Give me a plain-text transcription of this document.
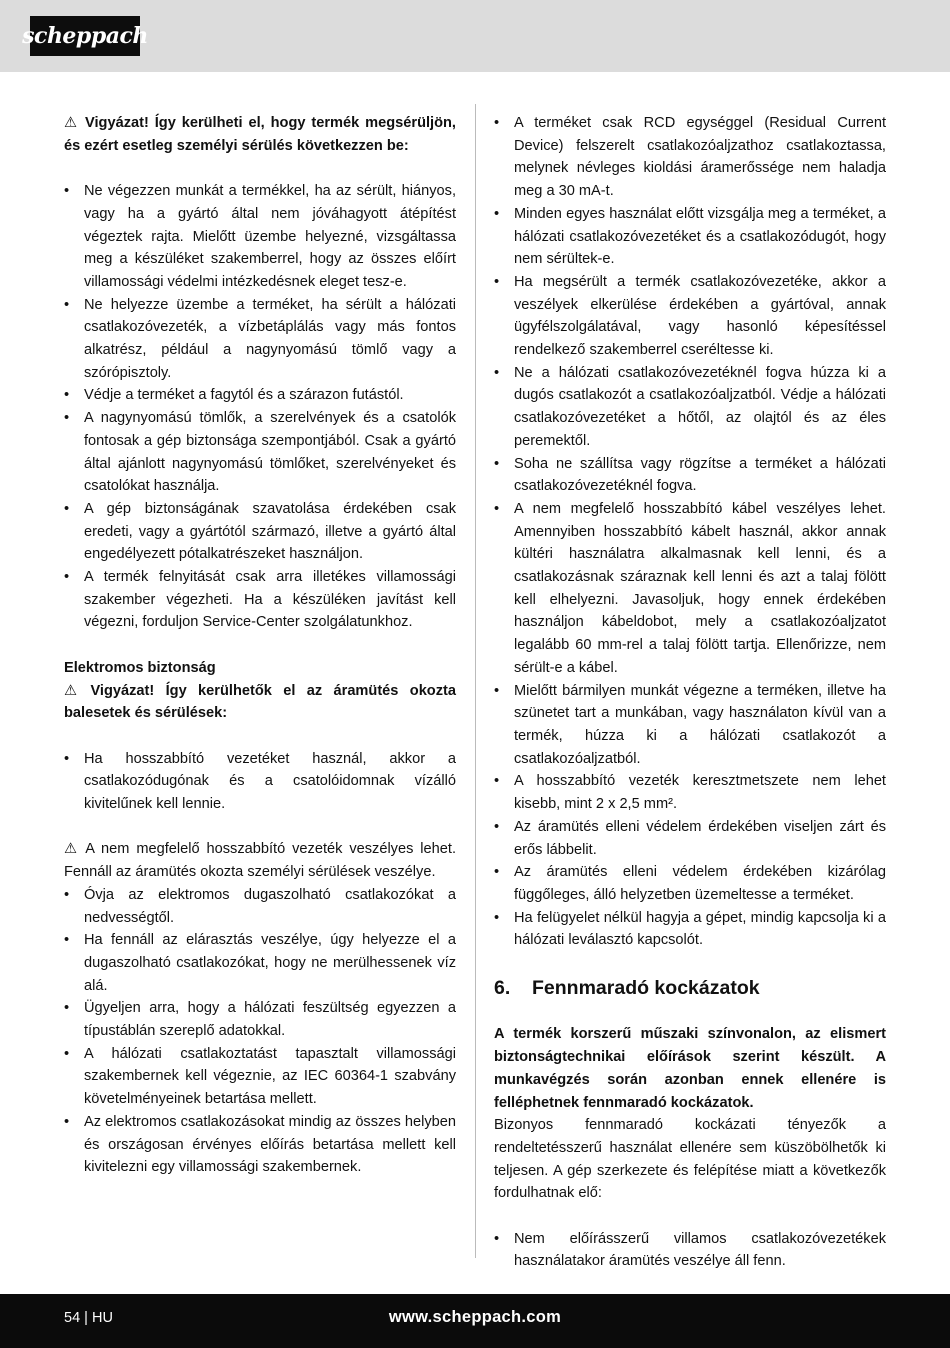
scheppach

⚠ Vigyázat! Így kerülheti el, hogy termék megsérüljön, és ezért esetleg személyi sérülés következzen be:

• Ne végezzen munkát a termékkel, ha az sérült, hiányos, vagy ha a gyártó által nem jóváhagyott átépítést végeztek rajta. Mielőtt üzembe helyezné, vizsgáltassa meg a készüléket szakemberrel, hogy az összes előírt villamossági védelmi intézkedésnek eleget tesz-e.
• Ne helyezze üzembe a terméket, ha sérült a hálózati csatlakozóvezeték, a vízbetáplálás vagy más fontos alkatrész, például a nagynyomású tömlő vagy a szórópisztoly.
• Védje a terméket a fagytól és a szárazon futástól.
• A nagynyomású tömlők, a szerelvények és a csatolók fontosak a gép biztonsága szempontjából. Csak a gyártó által ajánlott nagynyomású tömlőket, szerelvényeket és csatolókat használja.
• A gép biztonságának szavatolása érdekében csak eredeti, vagy a gyártótól származó, illetve a gyártó által engedélyezett pótalkatrészeket használjon.
• A termék felnyitását csak arra illetékes villamossági szakember végezheti. Ha a készüléken javítást kell végezni, forduljon Service-Center szolgálatunkhoz.

Elektromos biztonság

⚠ Vigyázat! Így kerülhetők el az áramütés okozta balesetek és sérülések:

• Ha hosszabbító vezetéket használ, akkor a csatlakozódugónak és a csatolóidomnak vízálló kivitelűnek kell lennie.

⚠ A nem megfelelő hosszabbító vezeték veszélyes lehet. Fennáll az áramütés okozta személyi sérülések veszélye.

• Óvja az elektromos dugaszolható csatlakozókat a nedvességtől.
• Ha fennáll az elárasztás veszélye, úgy helyezze el a dugaszolható csatlakozókat, hogy ne merülhessenek víz alá.
• Ügyeljen arra, hogy a hálózati feszültség egyezzen a típustáblán szereplő adatokkal.
• A hálózati csatlakoztatást tapasztalt villamossági szakembernek kell végeznie, az IEC 60364-1 szabvány követelményeinek betartása mellett.
• Az elektromos csatlakozásokat mindig az összes helyben és országosan érvényes előírás betartása mellett kell kivitelezni egy villamossági szakembernek.
• A terméket csak RCD egységgel (Residual Current Device) felszerelt csatlakozóaljzathoz csatlakoztassa, melynek névleges kioldási áramerőssége nem haladja meg a 30 mA-t.
• Minden egyes használat előtt vizsgálja meg a terméket, a hálózati csatlakozóvezetéket és a csatlakozódugót, hogy nem sérültek-e.
• Ha megsérült a termék csatlakozóvezetéke, akkor a veszélyek elkerülése érdekében a gyártóval, annak ügyfélszolgálatával, vagy hasonló képesítéssel rendelkező szakemberrel cseréltesse ki.
• Ne a hálózati csatlakozóvezetéknél fogva húzza ki a dugós csatlakozót a csatlakozóaljzatból. Védje a hálózati csatlakozóvezetéket a hőtől, az olajtól és az éles peremektől.
• Soha ne szállítsa vagy rögzítse a terméket a hálózati csatlakozóvezetéknél fogva.
• A nem megfelelő hosszabbító kábel veszélyes lehet. Amennyiben hosszabbító kábelt használ, akkor annak kültéri használatra alkalmasnak kell lenni, és a csatlakozásnak száraznak kell lenni és azt a talaj fölött kell elhelyezni. Javasoljuk, hogy ennek érdekében használjon kábeldobot, mely a csatlakozóaljzatot legalább 60 mm-rel a talaj fölött tartja. Ellenőrizze, nem sérült-e a kábel.
• Mielőtt bármilyen munkát végezne a terméken, illetve ha szünetet tart a munkában, vagy használaton kívül van a termék, húzza ki a hálózati csatlakozót a csatlakozóaljzatból.
• A hosszabbító vezeték keresztmetszete nem lehet kisebb, mint 2 x 2,5 mm².
• Az áramütés elleni védelem érdekében viseljen zárt és erős lábbelit.
• Az áramütés elleni védelem érdekében kizárólag függőleges, álló helyzetben üzemeltesse a terméket.
• Ha felügyelet nélkül hagyja a gépet, mindig kapcsolja ki a hálózati leválasztó kapcsolót.
6.	Fennmaradó kockázatok

A termék korszerű műszaki színvonalon, az elismert biztonságtechnikai előírások szerint készült. A munkavégzés során azonban ennek ellenére is felléphetnek fennmaradó kockázatok.

Bizonyos fennmaradó kockázati tényezők a rendeltetésszerű használat ellenére sem küszöbölhetők ki teljesen. A gép szerkezete és felépítése miatt a következők fordulhatnak elő:

• Nem előírásszerű villamos csatlakozóvezetékek használatakor áramütés veszélye áll fenn.
54 | HU	www.scheppach.com
